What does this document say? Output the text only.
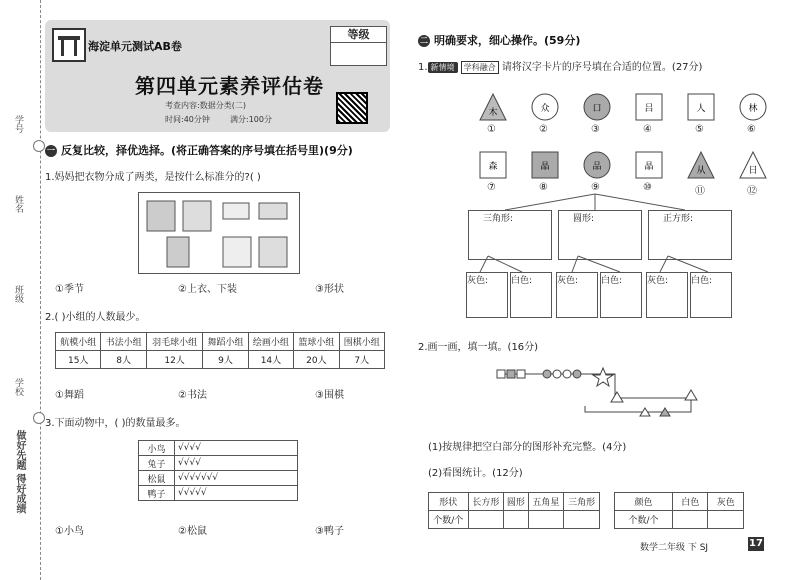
学号
姓名
班级
学校
做好先题 得好成绩
海淀单元测试AB卷
等级
第四单元素养评估卷
考查内容:数据分类(二)
时间:40分钟	满分:100分
一 反复比较，择优选择。(将正确答案的序号填在括号里)(9分)
1.妈妈把衣物分成了两类，是按什么标准分的?( )
①季节	②上衣、下装	③形状
2.( )小组的人数最少。
航模小组	书法小组	羽毛球小组	舞蹈小组	绘画小组	篮球小组	围棋小组
15人	8人	12人	9人	14人	20人	7人
①舞蹈	②书法	③围棋
3.下面动物中，( )的数量最多。
小鸟	√√√√
兔子	√√√√
松鼠	√√√√√√√
鸭子	√√√√√
①小鸟	②松鼠	③鸭子
二 明确要求，细心操作。(59分)
1. 新情境 学科融合 请将汉字卡片的序号填在合适的位置。(27分)
木
①
众
②
口
③
吕
④
人
⑤
林
⑥
森
⑦
晶
⑧
品
⑨
晶
⑩
从
⑪
日
⑫
三角形:	圆形:	正方形:
灰色:	白色:	灰色:	白色:	灰色:	白色:
2.画一画，填一填。(16分)
(1)按规律把空白部分的图形补充完整。(4分)
(2)看图统计。(12分)
形状	长方形	圆形	五角星	三角形
个数/个				
颜色	白色	灰色
个数/个		
数学二年级 下 SJ	17
